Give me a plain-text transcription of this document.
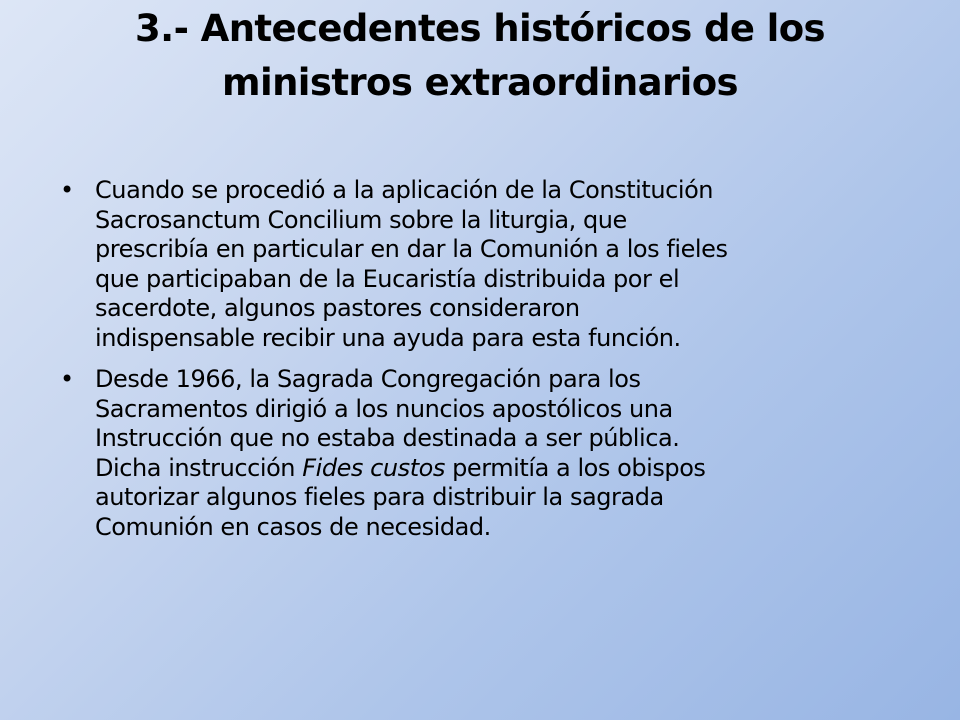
3.- Antecedentes históricos de los
ministros extraordinarios
• Cuando se procedió a la aplicación de la Constitución
Sacrosanctum Concilium sobre la liturgia, que
prescribía en particular en dar la Comunión a los fieles
que participaban de la Eucaristía distribuida por el
sacerdote, algunos pastores consideraron
indispensable recibir una ayuda para esta función.
• Desde 1966, la Sagrada Congregación para los
Sacramentos dirigió a los nuncios apostólicos una
Instrucción que no estaba destinada a ser pública.
Dicha instrucción Fides custos permitía a los obispos
autorizar algunos fieles para distribuir la sagrada
Comunión en casos de necesidad.
